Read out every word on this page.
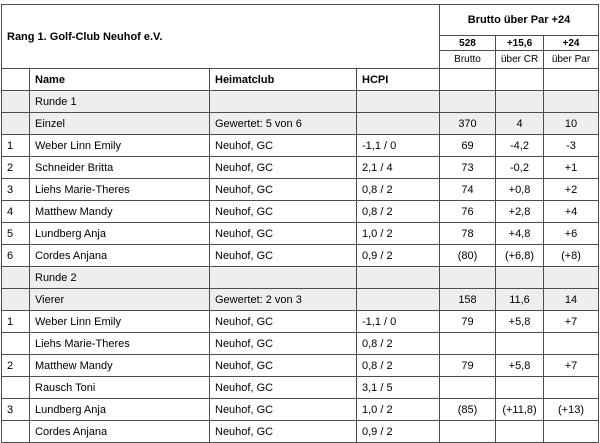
Rang 1. Golf-Club Neuhof e.V.				Brutto über Par +24		
				528	+15,6	+24
				Brutto	über CR	über Par
	Name	Heimatclub	HCPI			
	Runde 1					
	Einzel	Gewertet: 5 von 6		370	4	10
1	Weber Linn Emily	Neuhof, GC	-1,1 / 0	69	-4,2	-3
2	Schneider Britta	Neuhof, GC	2,1 / 4	73	-0,2	+1
3	Liehs Marie-Theres	Neuhof, GC	0,8 / 2	74	+0,8	+2
4	Matthew Mandy	Neuhof, GC	0,8 / 2	76	+2,8	+4
5	Lundberg Anja	Neuhof, GC	1,0 / 2	78	+4,8	+6
6	Cordes Anjana	Neuhof, GC	0,9 / 2	(80)	(+6,8)	(+8)
	Runde 2					
	Vierer	Gewertet: 2 von 3		158	11,6	14
1	Weber Linn Emily	Neuhof, GC	-1,1 / 0	79	+5,8	+7
	Liehs Marie-Theres	Neuhof, GC	0,8 / 2			
2	Matthew Mandy	Neuhof, GC	0,8 / 2	79	+5,8	+7
	Rausch Toni	Neuhof, GC	3,1 / 5			
3	Lundberg Anja	Neuhof, GC	1,0 / 2	(85)	(+11,8)	(+13)
	Cordes Anjana	Neuhof, GC	0,9 / 2			
